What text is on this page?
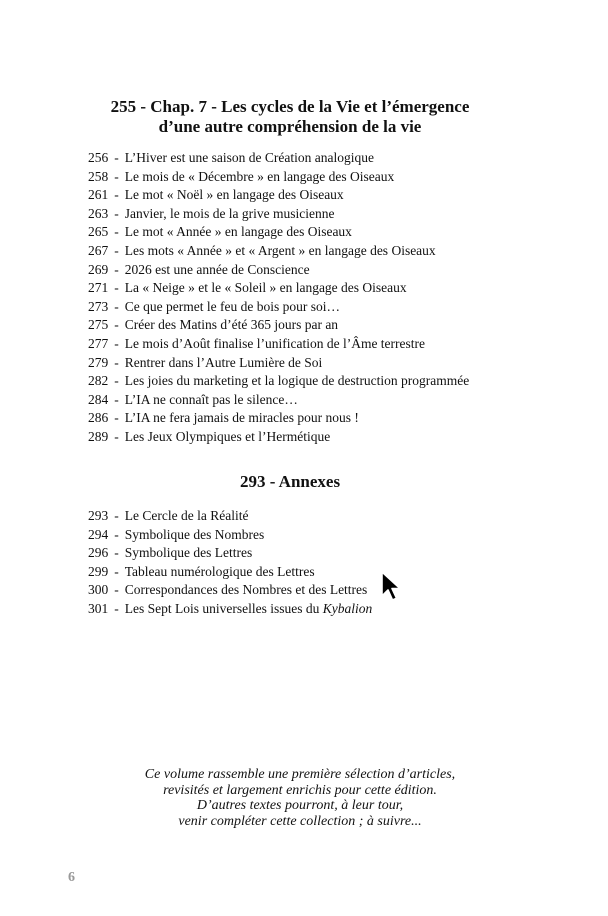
255 - Chap. 7 - Les cycles de la Vie et l’émergence
d’une autre compréhension de la vie
256 - L’Hiver est une saison de Création analogique
258 - Le mois de « Décembre » en langage des Oiseaux
261 - Le mot « Noël » en langage des Oiseaux
263 - Janvier, le mois de la grive musicienne
265 - Le mot « Année » en langage des Oiseaux
267 - Les mots « Année » et « Argent » en langage des Oiseaux
269 - 2026 est une année de Conscience
271 - La « Neige » et le « Soleil » en langage des Oiseaux
273 - Ce que permet le feu de bois pour soi…
275 - Créer des Matins d’été 365 jours par an
277 - Le mois d’Août finalise l’unification de l’Âme terrestre
279 - Rentrer dans l’Autre Lumière de Soi
282 - Les joies du marketing et la logique de destruction programmée
284 - L’IA ne connaît pas le silence…
286 - L’IA ne fera jamais de miracles pour nous !
289 - Les Jeux Olympiques et l’Hermétique
293 - Annexes
293 - Le Cercle de la Réalité
294 - Symbolique des Nombres
296 - Symbolique des Lettres
299 - Tableau numérologique des Lettres
300 - Correspondances des Nombres et des Lettres
301 - Les Sept Lois universelles issues du Kybalion
Ce volume rassemble une première sélection d’articles,
revisités et largement enrichis pour cette édition.
D’autres textes pourront, à leur tour,
venir compléter cette collection ; à suivre...
6
